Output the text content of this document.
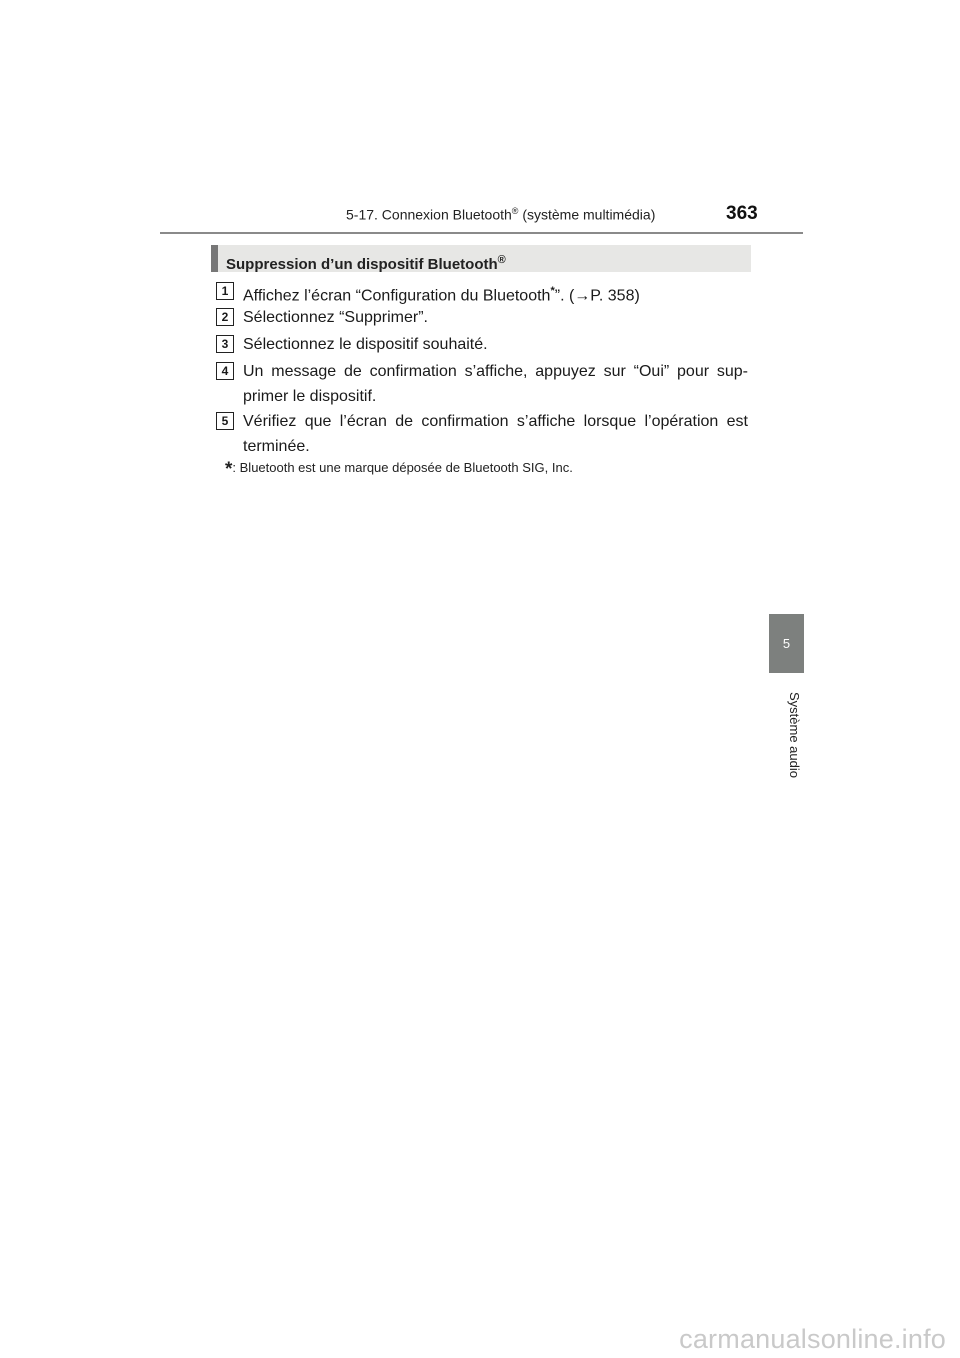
5-17. Connexion Bluetooth® (système multimédia)	363
Suppression d’un dispositif Bluetooth®
1 Affichez l’écran “Configuration du Bluetooth*”. (→P. 358)
2 Sélectionnez “Supprimer”.
3 Sélectionnez le dispositif souhaité.
4 Un message de confirmation s’affiche, appuyez sur “Oui” pour sup- primer le dispositif.
5 Vérifiez que l’écran de confirmation s’affiche lorsque l’opération est terminée.
*: Bluetooth est une marque déposée de Bluetooth SIG, Inc.
5
Système audio
carmanualsonline.info
